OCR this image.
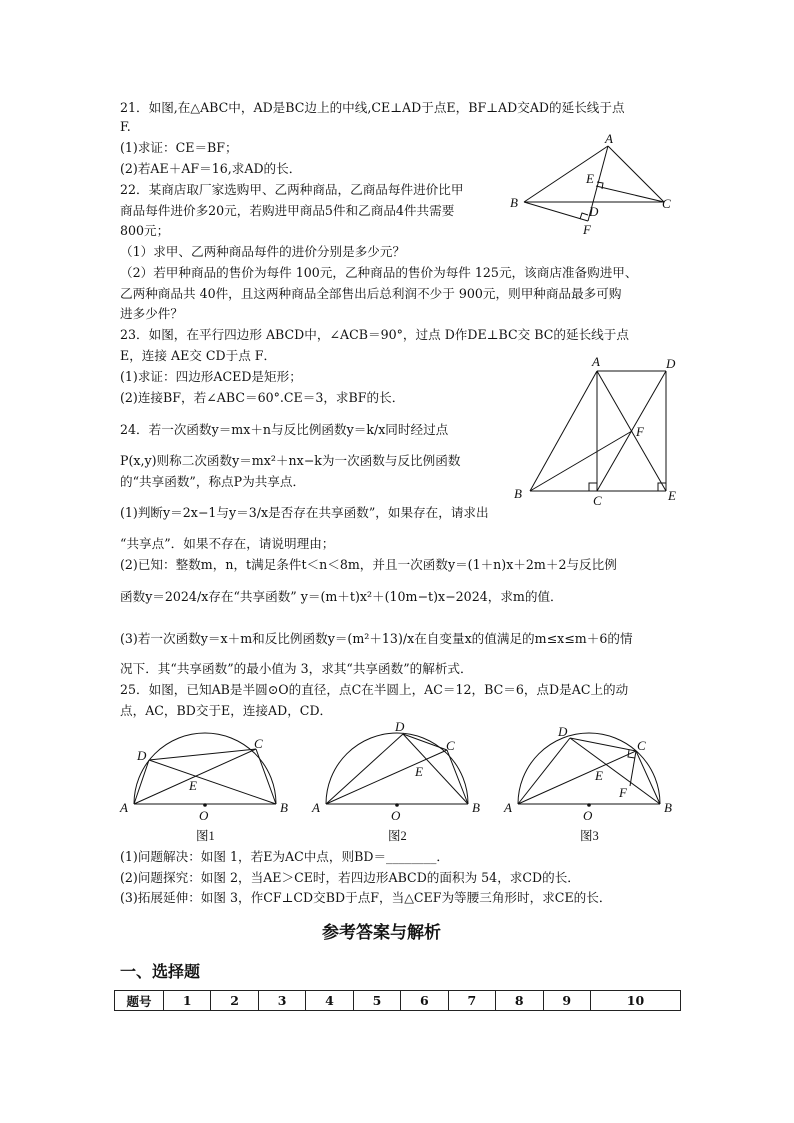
21．如图,在△ABC中，AD是BC边上的中线,CE⊥AD于点E，BF⊥AD交AD的延长线于点
F.
(1)求证：CE＝BF；
(2)若AE＋AF＝16,求AD的长．
22．某商店取厂家选购甲、乙两种商品，乙商品每件进价比甲
商品每件进价多20元，若购进甲商品5件和乙商品4件共需要
800元；
（1）求甲、乙两种商品每件的进价分别是多少元？
（2）若甲种商品的售价为每件 100元，乙种商品的售价为每件 125元，该商店准备购进甲、
乙两种商品共 40件，且这两种商品全部售出后总利润不少于 900元，则甲种商品最多可购
进多少件？
23．如图，在平行四边形 ABCD中，∠ACB＝90°，过点 D作DE⊥BC交 BC的延长线于点
E，连接 AE交 CD于点 F．
(1)求证：四边形ACED是矩形；
(2)连接BF，若∠ABC＝60°.CE＝3，求BF的长．
24．若一次函数y＝mx＋n与反比例函数y＝k/x同时经过点
P(x,y)则称二次函数y＝mx²＋nx−k为一次函数与反比例函数
的“共享函数”，称点P为共享点．
(1)判断y＝2x−1与y＝3/x是否存在共享函数”，如果存在，请求出
“共享点”．如果不存在，请说明理由；
(2)已知：整数m，n，t满足条件t＜n＜8m，并且一次函数y＝(1＋n)x＋2m＋2与反比例
函数y＝2024/x存在“共享函数” y＝(m＋t)x²＋(10m−t)x−2024，求m的值．
(3)若一次函数y＝x＋m和反比例函数y＝(m²＋13)/x在自变量x的值满足的m≤x≤m＋6的情
况下．其“共享函数”的最小值为 3，求其“共享函数”的解析式．
25．如图，已知AB是半圆⊙O的直径，点C在半圆上，AC＝12，BC＝6，点D是AC上的动
点，AC，BD交于E，连接AD，CD．
(1)问题解决：如图 1，若E为AC中点，则BD＝________．
(2)问题探究：如图 2，当AE＞CE时，若四边形ABCD的面积为 54，求CD的长．
(3)拓展延伸：如图 3，作CF⊥CD交BD于点F，当△CEF为等腰三角形时，求CE的长．
A
B	C
D
E
F
A	D
B	C	E
F
A	B
C
D
E
O
图1
A	B
C
D
E
O
图2
A	B
C
D
E
F
O
图3
参考答案与解析
一、选择题
题号	1	2	3	4	5	6	7	8	9	10
